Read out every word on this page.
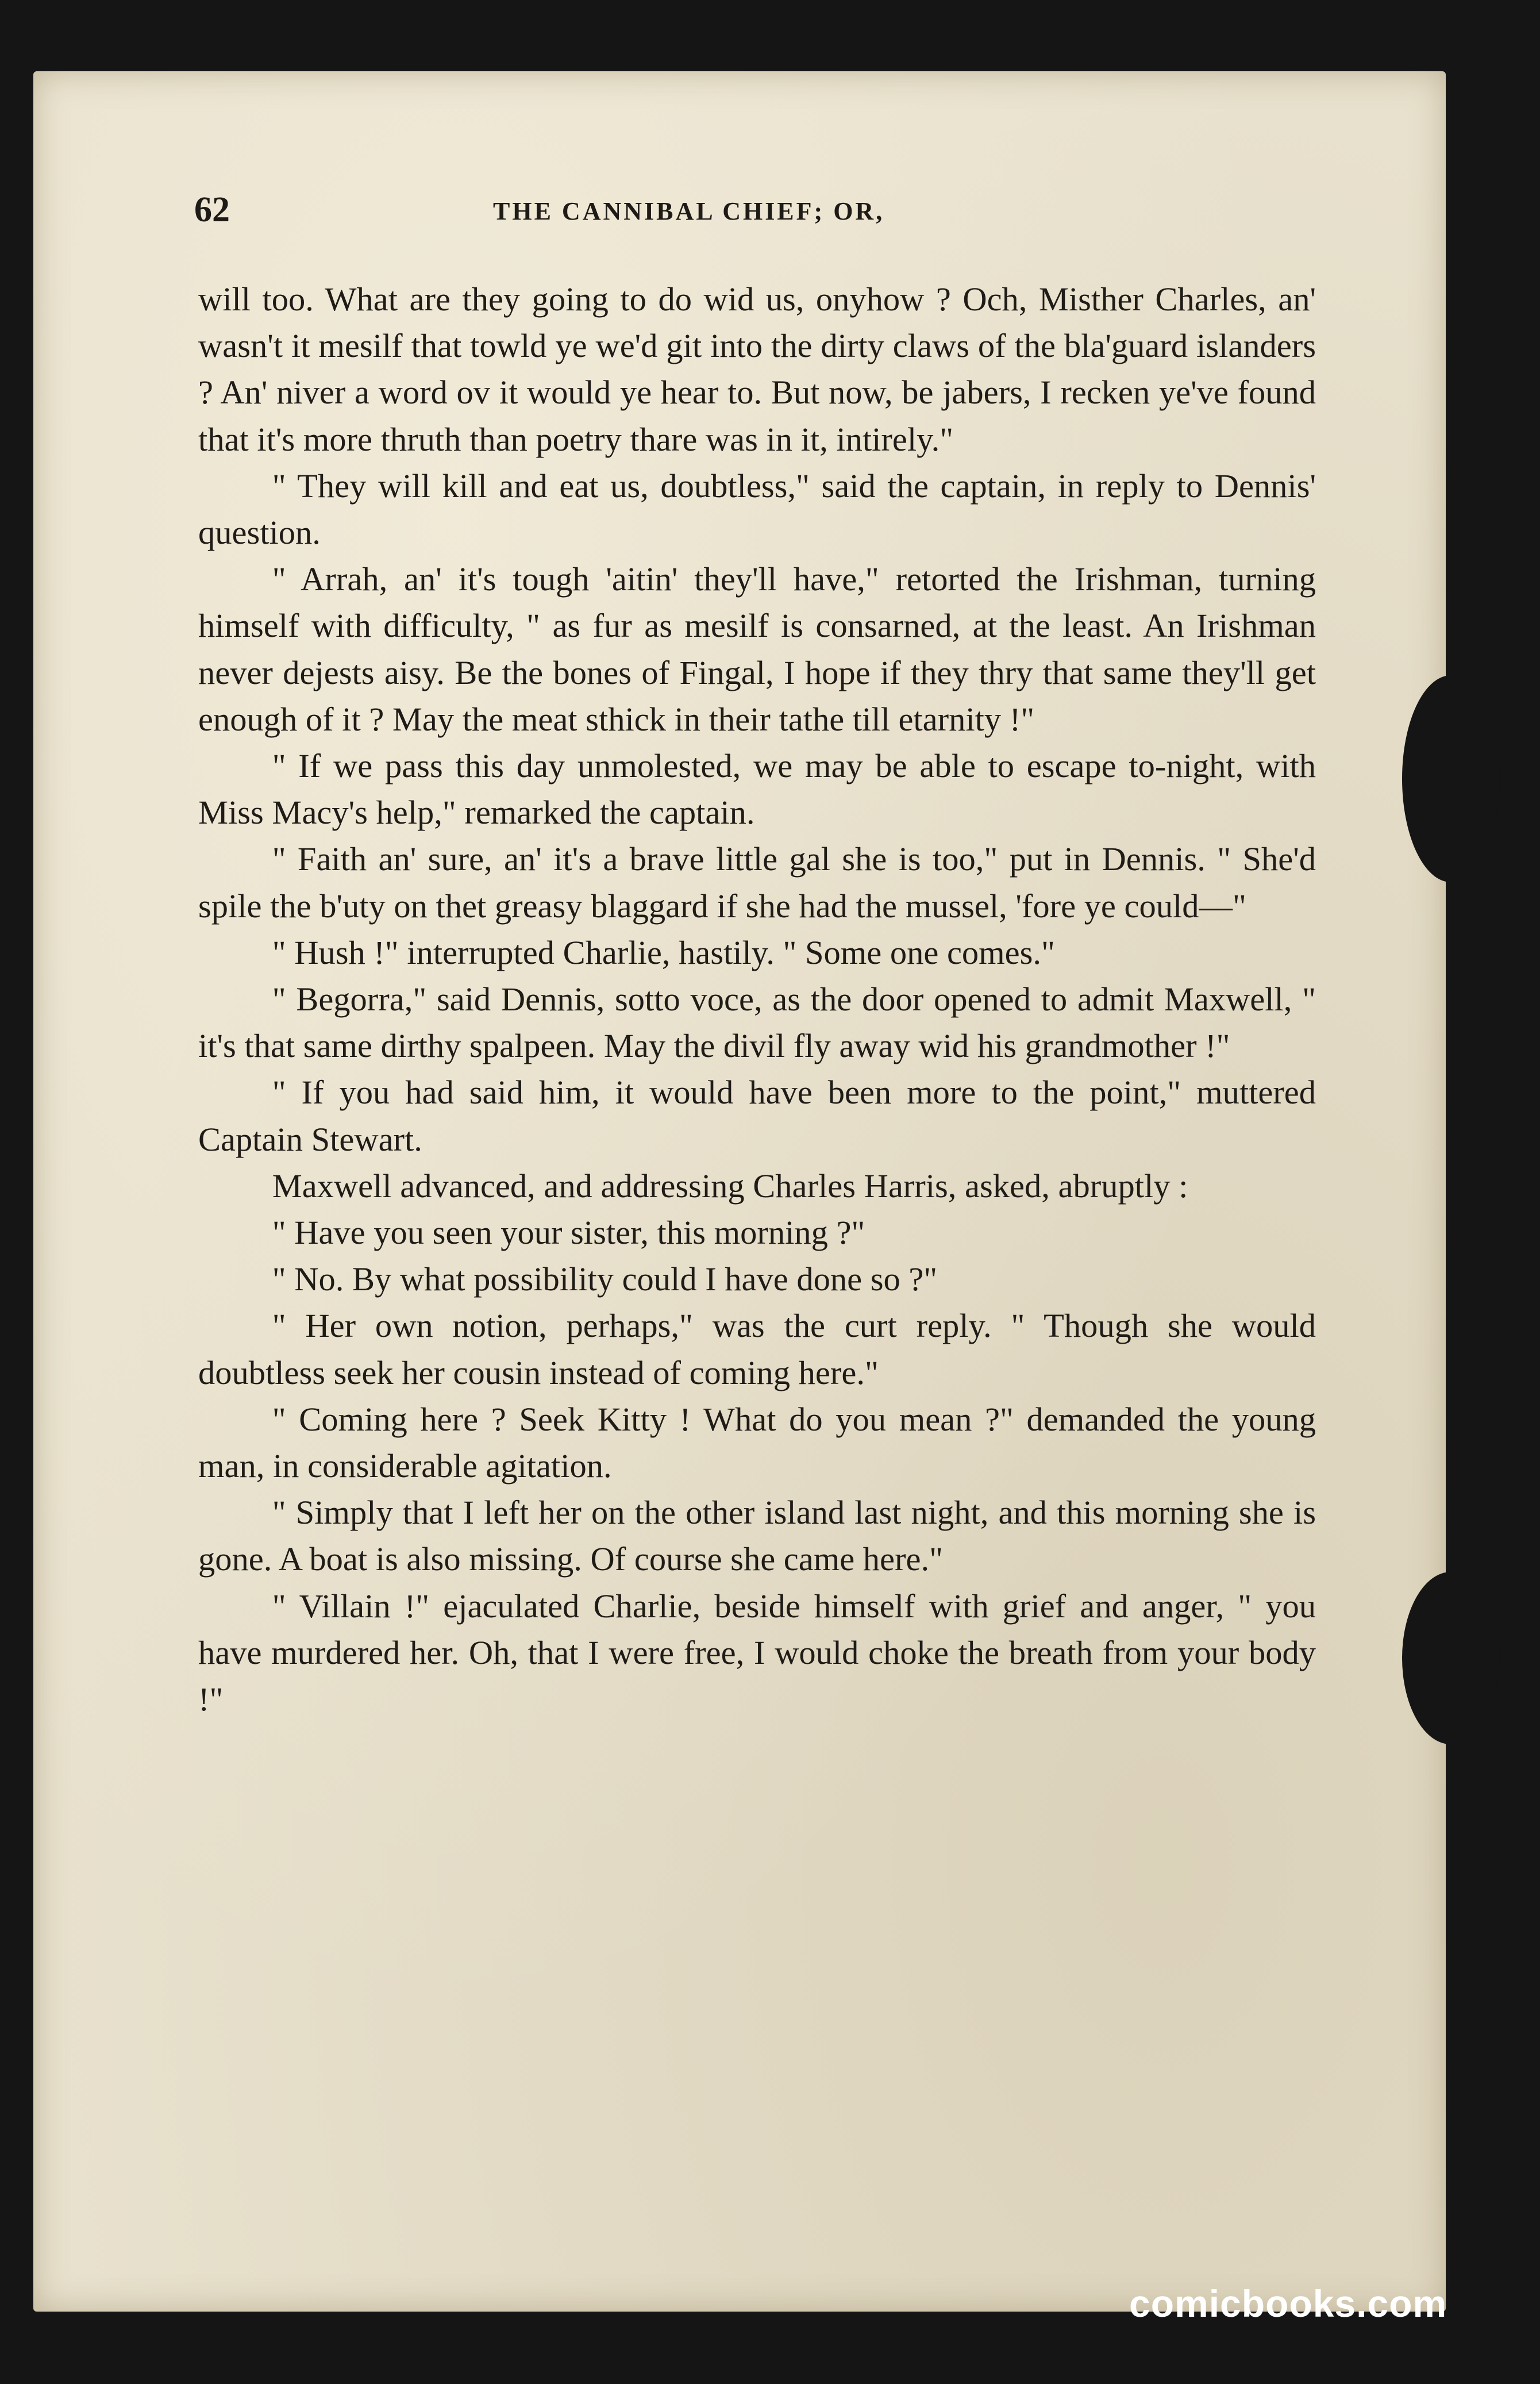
62	THE CANNIBAL CHIEF; OR,

will too. What are they going to do wid us, onyhow ? Och, Misther Charles, an' wasn't it mesilf that towld ye we'd git into the dirty claws of the bla'guard islanders ? An' niver a word ov it would ye hear to. But now, be jabers, I recken ye've found that it's more thruth than poetry thare was in it, intirely."

" They will kill and eat us, doubtless," said the captain, in reply to Dennis' question.

" Arrah, an' it's tough 'aitin' they'll have," retorted the Irishman, turning himself with difficulty, " as fur as mesilf is consarned, at the least. An Irishman never dejests aisy. Be the bones of Fingal, I hope if they thry that same they'll get enough of it ? May the meat sthick in their tathe till etarnity !"

" If we pass this day unmolested, we may be able to escape to-night, with Miss Macy's help," remarked the captain.

" Faith an' sure, an' it's a brave little gal she is too," put in Dennis. " She'd spile the b'uty on thet greasy blaggard if she had the mussel, 'fore ye could—"

" Hush !" interrupted Charlie, hastily. " Some one comes."

" Begorra," said Dennis, sotto voce, as the door opened to admit Maxwell, " it's that same dirthy spalpeen. May the divil fly away wid his grandmother !"

" If you had said him, it would have been more to the point," muttered Captain Stewart.

Maxwell advanced, and addressing Charles Harris, asked, abruptly :

" Have you seen your sister, this morning ?"

" No. By what possibility could I have done so ?"

" Her own notion, perhaps," was the curt reply. " Though she would doubtless seek her cousin instead of coming here."

" Coming here ? Seek Kitty ! What do you mean ?" demanded the young man, in considerable agitation.

" Simply that I left her on the other island last night, and this morning she is gone. A boat is also missing. Of course she came here."

" Villain !" ejaculated Charlie, beside himself with grief and anger, " you have murdered her. Oh, that I were free, I would choke the breath from your body !"

comicbooks.com
